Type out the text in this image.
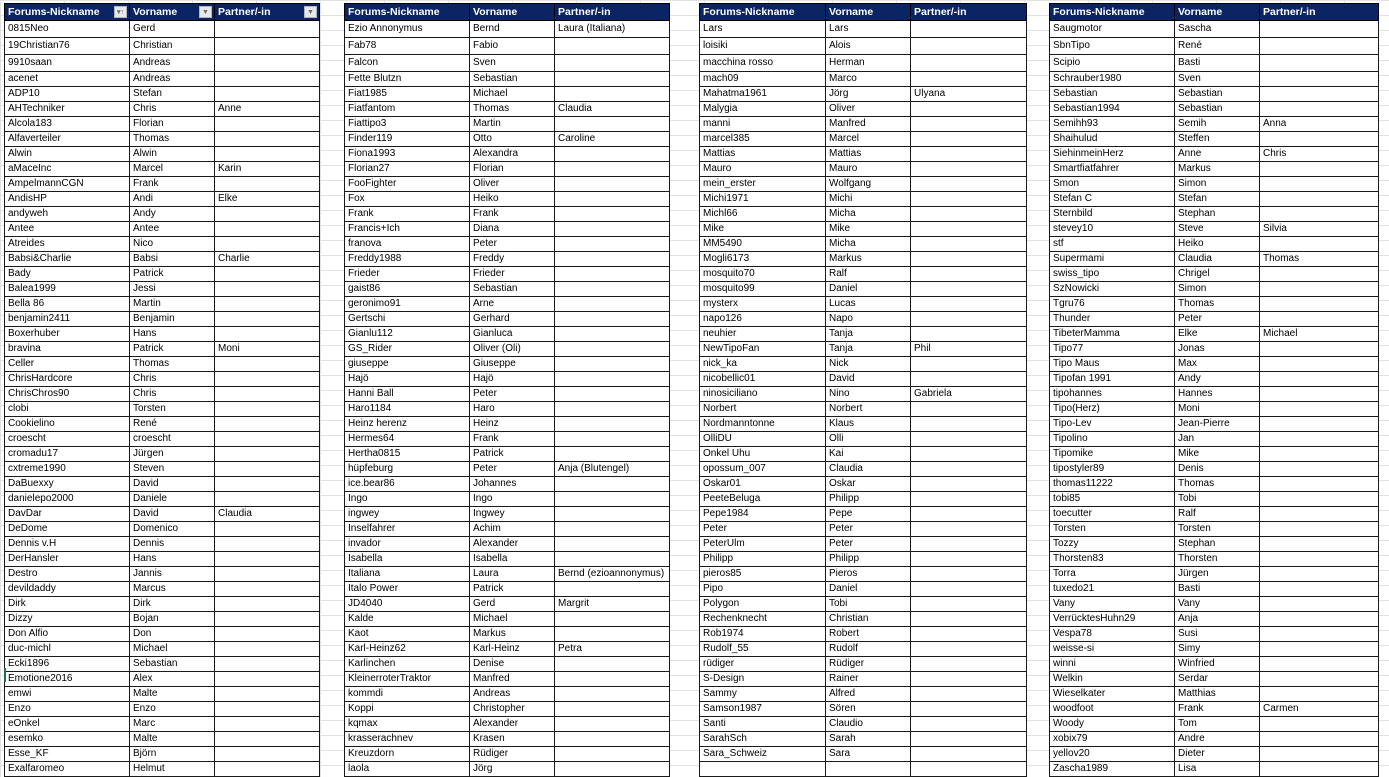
Forums-Nickname ▾↑	Vorname ▼	Partner/-in ▼

0815Neo	Gerd	
19Christian76	Christian	
9910saan	Andreas	
acenet	Andreas	
ADP10	Stefan	
AHTechniker	Chris	Anne
Alcola183	Florian	
Alfaverteiler	Thomas	
Alwin	Alwin	
aMaceInc	Marcel	Karin
AmpelmannCGN	Frank	
AndisHP	Andi	Elke
andyweh	Andy	
Antee	Antee	
Atreides	Nico	
Babsi&Charlie	Babsi	Charlie
Bady	Patrick	
Balea1999	Jessi	
Bella 86	Martin	
benjamin2411	Benjamin	
Boxerhuber	Hans	
bravina	Patrick	Moni
Celler	Thomas	
ChrisHardcore	Chris	
ChrisChros90	Chris	
clobi	Torsten	
Cookielino	René	
croescht	croescht	
cromadu17	Jürgen	
cxtreme1990	Steven	
DaBuexxy	David	
danielepo2000	Daniele	
DavDar	David	Claudia
DeDome	Domenico	
Dennis v.H	Dennis	
DerHansler	Hans	
Destro	Jannis	
devildaddy	Marcus	
Dirk	Dirk	
Dizzy	Bojan	
Don Alfio	Don	
duc-michl	Michael	
Ecki1896	Sebastian	
Emotione2016	Alex	
emwi	Malte	
Enzo	Enzo	
eOnkel	Marc	
esemko	Malte	
Esse_KF	Björn	
Exalfaromeo	Helmut	
Forums-Nickname	Vorname	Partner/-in
Ezio Annonymus	Bernd	Laura (Italiana)
Fab78	Fabio	
Falcon	Sven	
Fette Blutzn	Sebastian	
Fiat1985	Michael	
Fiatfantom	Thomas	Claudia
Fiattipo3	Martin	
Finder119	Otto	Caroline
Fiona1993	Alexandra	
Florian27	Florian	
FooFighter	Oliver	
Fox	Heiko	
Frank	Frank	
Francis+Ich	Diana	
franova	Peter	
Freddy1988	Freddy	
Frieder	Frieder	
gaist86	Sebastian	
geronimo91	Arne	
Gertschi	Gerhard	
Gianlu112	Gianluca	
GS_Rider	Oliver (Oli)	
giuseppe	Giuseppe	
Hajö	Hajö	
Hanni Ball	Peter	
Haro1184	Haro	
Heinz herenz	Heinz	
Hermes64	Frank	
Hertha0815	Patrick	
hüpfeburg	Peter	Anja (Blutengel)
ice.bear86	Johannes	
Ingo	Ingo	
ingwey	Ingwey	
Inselfahrer	Achim	
invador	Alexander	
Isabella	Isabella	
Italiana	Laura	Bernd (ezioannonymus)
Italo Power	Patrick	
JD4040	Gerd	Margrit
Kalde	Michael	
Kaot	Markus	
Karl-Heinz62	Karl-Heinz	Petra
Karlinchen	Denise	
KleinerroterTraktor	Manfred	
kommdi	Andreas	
Koppi	Christopher	
kqmax	Alexander	
krasserachnev	Krasen	
Kreuzdorn	Rüdiger	
laola	Jörg	
Forums-Nickname	Vorname	Partner/-in
Lars	Lars	
loisiki	Alois	
macchina rosso	Herman	
mach09	Marco	
Mahatma1961	Jörg	Ulyana
Malygia	Oliver	
manni	Manfred	
marcel385	Marcel	
Mattias	Mattias	
Mauro	Mauro	
mein_erster	Wolfgang	
Michi1971	Michi	
Michl66	Micha	
Mike	Mike	
MM5490	Micha	
Mogli6173	Markus	
mosquito70	Ralf	
mosquito99	Daniel	
mysterx	Lucas	
napo126	Napo	
neuhier	Tanja	
NewTipoFan	Tanja	Phil
nick_ka	Nick	
nicobellic01	David	
ninosiciliano	Nino	Gabriela
Norbert	Norbert	
Nordmanntonne	Klaus	
OlliDU	Olli	
Onkel Uhu	Kai	
opossum_007	Claudia	
Oskar01	Oskar	
PeeteBeluga	Philipp	
Pepe1984	Pepe	
Peter	Peter	
PeterUlm	Peter	
Philipp	Philipp	
pieros85	Pieros	
Pipo	Daniel	
Polygon	Tobi	
Rechenknecht	Christian	
Rob1974	Robert	
Rudolf_55	Rudolf	
rüdiger	Rüdiger	
S-Design	Rainer	
Sammy	Alfred	
Samson1987	Sören	
Santi	Claudio	
SarahSch	Sarah	
Sara_Schweiz	Sara	

Forums-Nickname	Vorname	Partner/-in
Saugmotor	Sascha	
SbnTipo	René	
Scipio	Basti	
Schrauber1980	Sven	
Sebastian	Sebastian	
Sebastian1994	Sebastian	
Semihh93	Semih	Anna
Shaihulud	Steffen	
SiehinmeinHerz	Anne	Chris
Smartfiatfahrer	Markus	
Smon	Simon	
Stefan C	Stefan	
Sternbild	Stephan	
stevey10	Steve	Silvia
stf	Heiko	
Supermami	Claudia	Thomas
swiss_tipo	Chrigel	
SzNowicki	Simon	
Tgru76	Thomas	
Thunder	Peter	
TibeterMamma	Elke	Michael
Tipo77	Jonas	
Tipo Maus	Max	
Tipofan 1991	Andy	
tipohannes	Hannes	
Tipo(Herz)	Moni	
Tipo-Lev	Jean-Pierre	
Tipolino	Jan	
Tipomike	Mike	
tipostyler89	Denis	
thomas11222	Thomas	
tobi85	Tobi	
toecutter	Ralf	
Torsten	Torsten	
Tozzy	Stephan	
Thorsten83	Thorsten	
Torra	Jürgen	
tuxedo21	Basti	
Vany	Vany	
VerrücktesHuhn29	Anja	
Vespa78	Susi	
weisse-si	Simy	
winni	Winfried	
Welkin	Serdar	
Wieselkater	Matthias	
woodfoot	Frank	Carmen
Woody	Tom	
xobix79	Andre	
yellov20	Dieter	
Zascha1989	Lisa	
